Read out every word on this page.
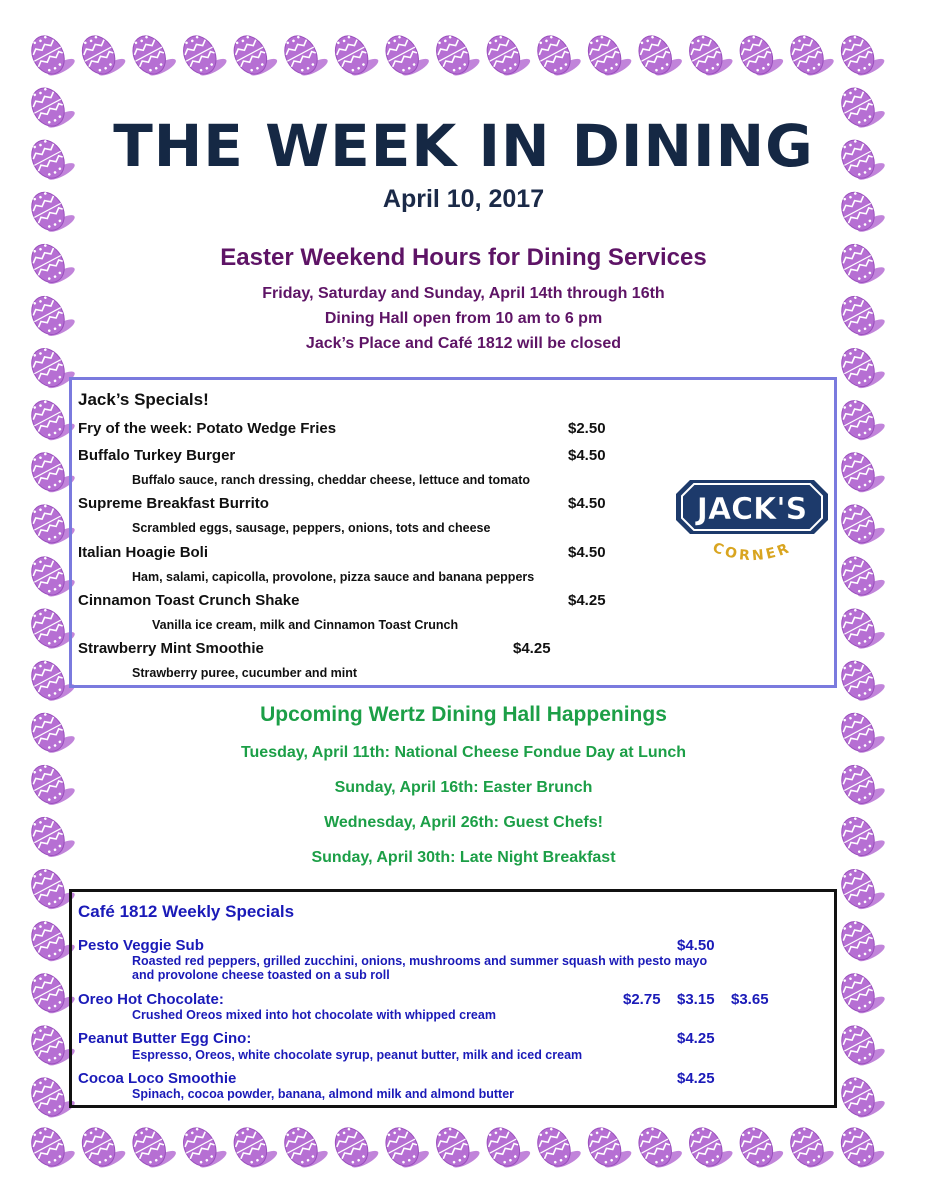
THE WEEK IN DINING
April 10, 2017
Easter Weekend Hours for Dining Services
Friday, Saturday and Sunday, April 14th through 16th
Dining Hall open from 10 am to 6 pm
Jack’s Place and Café 1812 will be closed
Jack’s Specials!
Fry of the week: Potato Wedge Fries	$2.50
Buffalo Turkey Burger	$4.50
Buffalo sauce, ranch dressing, cheddar cheese, lettuce and tomato
Supreme Breakfast Burrito	$4.50
Scrambled eggs, sausage, peppers, onions, tots and cheese
Italian Hoagie Boli	$4.50
Ham, salami, capicolla, provolone, pizza sauce and banana peppers
Cinnamon Toast Crunch Shake	$4.25
Vanilla ice cream, milk and Cinnamon Toast Crunch
Strawberry Mint Smoothie	$4.25
Strawberry puree, cucumber and mint
JACK'S
CORNER
Upcoming Wertz Dining Hall Happenings
Tuesday, April 11th: National Cheese Fondue Day at Lunch
Sunday, April 16th: Easter Brunch
Wednesday, April 26th: Guest Chefs!
Sunday, April 30th: Late Night Breakfast
Café 1812 Weekly Specials
Pesto Veggie Sub	$4.50
Roasted red peppers, grilled zucchini, onions, mushrooms and summer squash with pesto mayo
and provolone cheese toasted on a sub roll
Oreo Hot Chocolate:	$2.75 $3.15 $3.65
Crushed Oreos mixed into hot chocolate with whipped cream
Peanut Butter Egg Cino:	$4.25
Espresso, Oreos, white chocolate syrup, peanut butter, milk and iced cream
Cocoa Loco Smoothie	$4.25
Spinach, cocoa powder, banana, almond milk and almond butter
